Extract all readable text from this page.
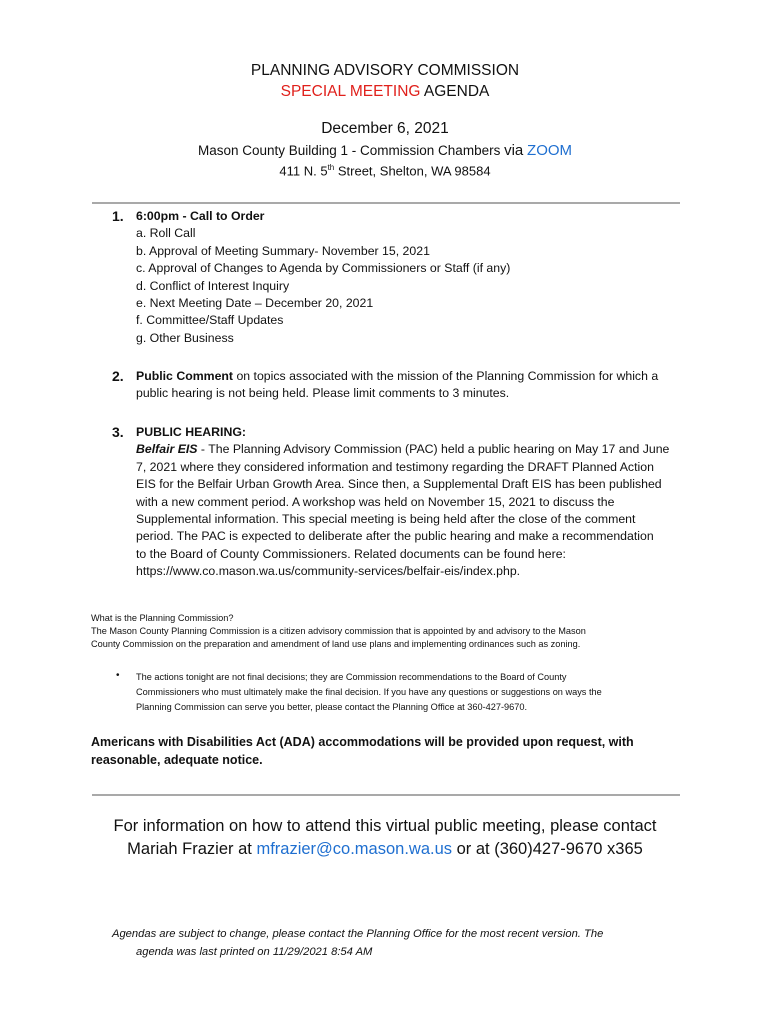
PLANNING ADVISORY COMMISSION
SPECIAL MEETING AGENDA
December 6, 2021
Mason County Building 1 - Commission Chambers via ZOOM
411 N. 5th Street, Shelton, WA 98584
1. 6:00pm - Call to Order
a. Roll Call
b. Approval of Meeting Summary- November 15, 2021
c. Approval of Changes to Agenda by Commissioners or Staff (if any)
d. Conflict of Interest Inquiry
e. Next Meeting Date – December 20, 2021
f. Committee/Staff Updates
g. Other Business
2. Public Comment on topics associated with the mission of the Planning Commission for which a
public hearing is not being held. Please limit comments to 3 minutes.
3. PUBLIC HEARING:
Belfair EIS - The Planning Advisory Commission (PAC) held a public hearing on May 17 and June
7, 2021 where they considered information and testimony regarding the DRAFT Planned Action
EIS for the Belfair Urban Growth Area. Since then, a Supplemental Draft EIS has been published
with a new comment period. A workshop was held on November 15, 2021 to discuss the
Supplemental information. This special meeting is being held after the close of the comment
period. The PAC is expected to deliberate after the public hearing and make a recommendation
to the Board of County Commissioners. Related documents can be found here:
https://www.co.mason.wa.us/community-services/belfair-eis/index.php.
What is the Planning Commission?
The Mason County Planning Commission is a citizen advisory commission that is appointed by and advisory to the Mason
County Commission on the preparation and amendment of land use plans and implementing ordinances such as zoning.
• The actions tonight are not final decisions; they are Commission recommendations to the Board of County
Commissioners who must ultimately make the final decision. If you have any questions or suggestions on ways the
Planning Commission can serve you better, please contact the Planning Office at 360-427-9670.
Americans with Disabilities Act (ADA) accommodations will be provided upon request, with
reasonable, adequate notice.
For information on how to attend this virtual public meeting, please contact
Mariah Frazier at mfrazier@co.mason.wa.us or at (360)427-9670 x365
Agendas are subject to change, please contact the Planning Office for the most recent version. The
agenda was last printed on 11/29/2021 8:54 AM
